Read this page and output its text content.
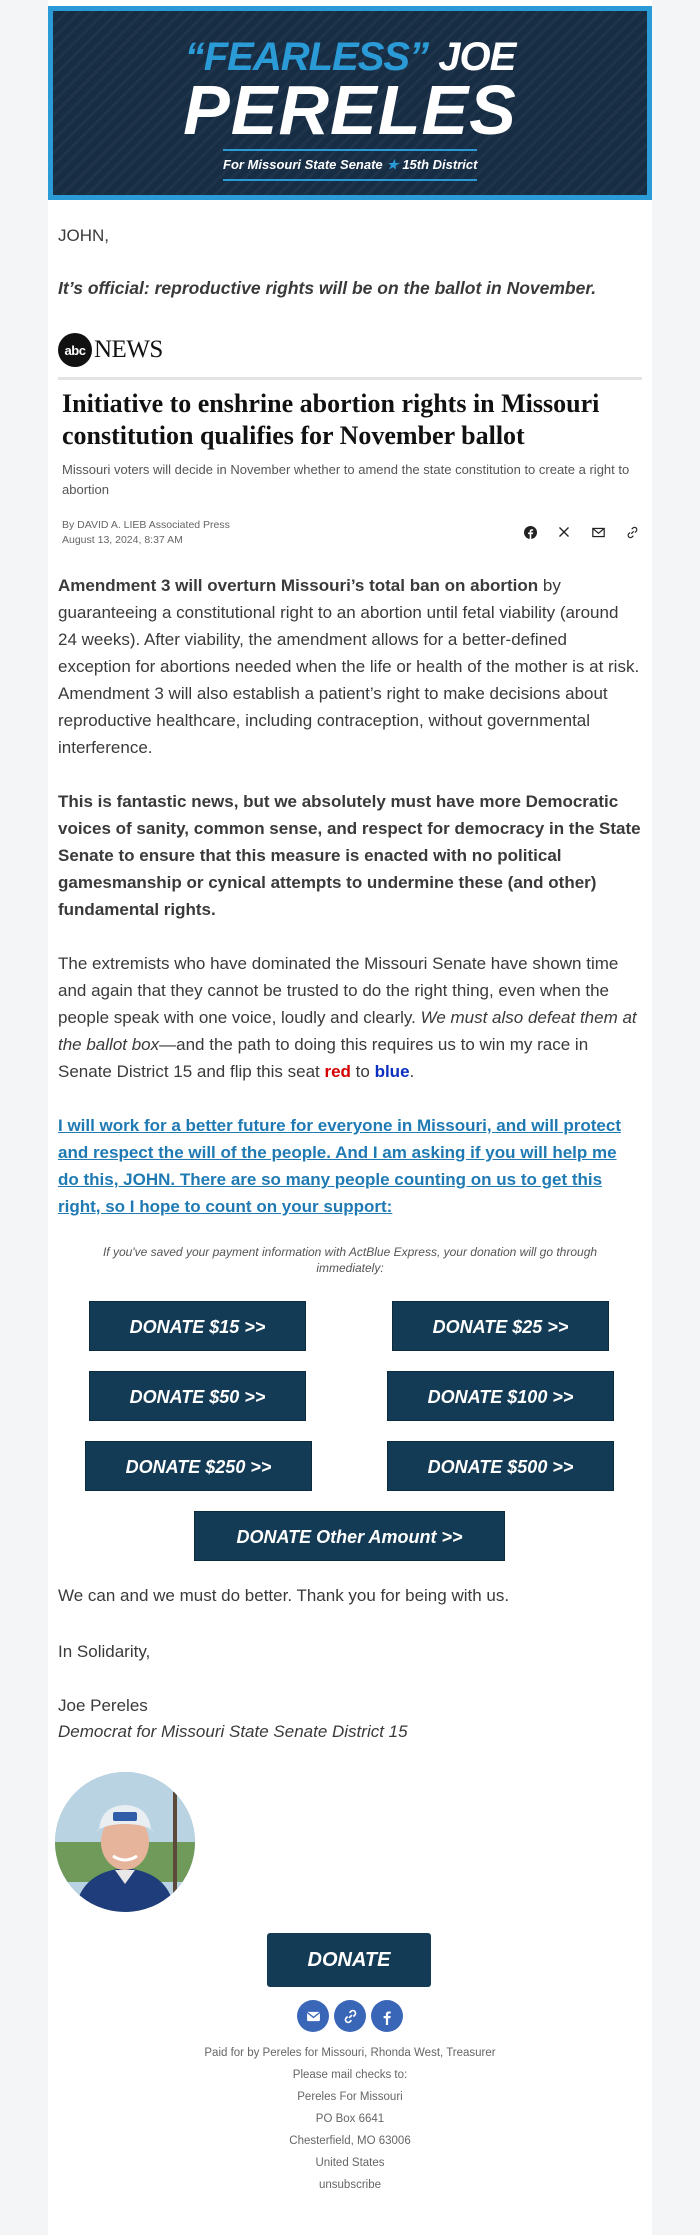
“FEARLESS” JOE
PERELES
For Missouri State Senate ★ 15th District
JOHN,
It’s official: reproductive rights will be on the ballot in November.
abc NEWS
Initiative to enshrine abortion rights in Missouri constitution qualifies for November ballot
Missouri voters will decide in November whether to amend the state constitution to create a right to abortion
By DAVID A. LIEB Associated Press
August 13, 2024, 8:37 AM
Amendment 3 will overturn Missouri’s total ban on abortion by guaranteeing a constitutional right to an abortion until fetal viability (around 24 weeks). After viability, the amendment allows for a better-defined exception for abortions needed when the life or health of the mother is at risk. Amendment 3 will also establish a patient’s right to make decisions about reproductive healthcare, including contraception, without governmental interference.
This is fantastic news, but we absolutely must have more Democratic voices of sanity, common sense, and respect for democracy in the State Senate to ensure that this measure is enacted with no political gamesmanship or cynical attempts to undermine these (and other) fundamental rights.
The extremists who have dominated the Missouri Senate have shown time and again that they cannot be trusted to do the right thing, even when the people speak with one voice, loudly and clearly. We must also defeat them at the ballot box—and the path to doing this requires us to win my race in Senate District 15 and flip this seat red to blue.
I will work for a better future for everyone in Missouri, and will protect and respect the will of the people. And I am asking if you will help me do this, JOHN. There are so many people counting on us to get this right, so I hope to count on your support:
If you've saved your payment information with ActBlue Express, your donation will go through immediately:
DONATE $15 >>	DONATE $25 >>
DONATE $50 >>	DONATE $100 >>
DONATE $250 >>	DONATE $500 >>
DONATE Other Amount >>
We can and we must do better. Thank you for being with us.
In Solidarity,
Joe Pereles
Democrat for Missouri State Senate District 15
DONATE
Paid for by Pereles for Missouri, Rhonda West, Treasurer
Please mail checks to:
Pereles For Missouri
PO Box 6641
Chesterfield, MO 63006
United States
unsubscribe
